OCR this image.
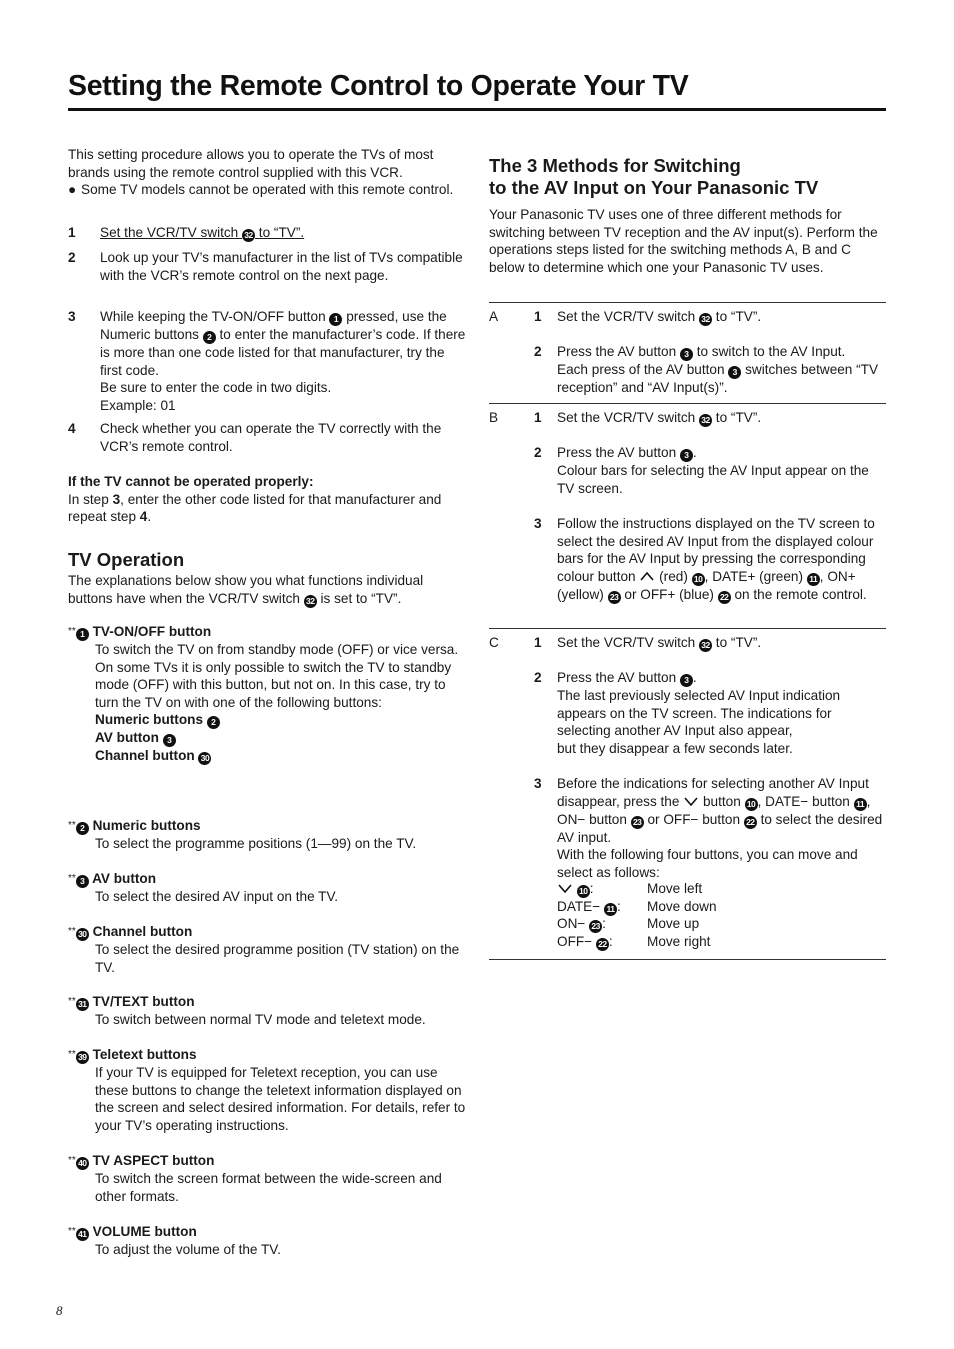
Setting the Remote Control to Operate Your TV

This setting procedure allows you to operate the TVs of most

brands using the remote control supplied with this VCR.

● Some TV models cannot be operated with this remote control.
1 Set the VCR/TV switch 32 to “TV”.
2 Look up your TV’s manufacturer in the list of TVs compatible with the VCR’s remote control on the next page.
3 While keeping the TV-ON/OFF button 1 pressed, use the Numeric buttons 2 to enter the manufacturer’s code. If there is more than one code listed for that manufacturer, try the first code.
Be sure to enter the code in two digits.
Example: 01
4 Check whether you can operate the TV correctly with the VCR’s remote control.
If the TV cannot be operated properly:
In step 3, enter the other code listed for that manufacturer and repeat step 4.
TV Operation
The explanations below show you what functions individual buttons have when the VCR/TV switch 32 is set to “TV”.
** 1 TV-ON/OFF button
To switch the TV on from standby mode (OFF) or vice versa.
On some TVs it is only possible to switch the TV to standby mode (OFF) with this button, but not on. In this case, try to turn the TV on with one of the following buttons:
Numeric buttons 2
AV button 3
Channel button 30
** 2 Numeric buttons
To select the programme positions (1—99) on the TV.
** 3 AV button
To select the desired AV input on the TV.
** 30 Channel button
To select the desired programme position (TV station) on the TV.
** 31 TV/TEXT button
To switch between normal TV mode and teletext mode.
** 39 Teletext buttons
If your TV is equipped for Teletext reception, you can use these buttons to change the teletext information displayed on the screen and select desired information. For details, refer to your TV’s operating instructions.
** 40 TV ASPECT button
To switch the screen format between the wide-screen and other formats.
** 41 VOLUME button
To adjust the volume of the TV.
The 3 Methods for Switching
to the AV Input on Your Panasonic TV
Your Panasonic TV uses one of three different methods for switching between TV reception and the AV input(s). Perform the operations steps listed for the switching methods A, B and C below to determine which one your Panasonic TV uses.
A	1 Set the VCR/TV switch 32 to “TV”.
2 Press the AV button 3 to switch to the AV Input.
Each press of the AV button 3 switches between “TV reception” and “AV Input(s)”.
B	1 Set the VCR/TV switch 32 to “TV”.
2 Press the AV button 3 .
Colour bars for selecting the AV Input appear on the TV screen.
3 Follow the instructions displayed on the TV screen to select the desired AV Input from the displayed colour bars for the AV Input by pressing the corresponding colour button  (red) 10 , DATE+ (green) 11 , ON+ (yellow) 23 or OFF+ (blue) 22 on the remote control.
C	1 Set the VCR/TV switch 32 to “TV”.
2 Press the AV button 3 .
The last previously selected AV Input indication appears on the TV screen. The indications for selecting another AV Input also appear,
but they disappear a few seconds later.
3 Before the indications for selecting another AV Input disappear, press the  button 10 , DATE− button 11 , ON− button 23 or OFF− button 22 to select the desired AV input.
With the following four buttons, you can move and select as follows:
10 :	Move left
DATE− 11 : Move down
ON− 23 :	Move up
OFF− 22 :	Move right
8
